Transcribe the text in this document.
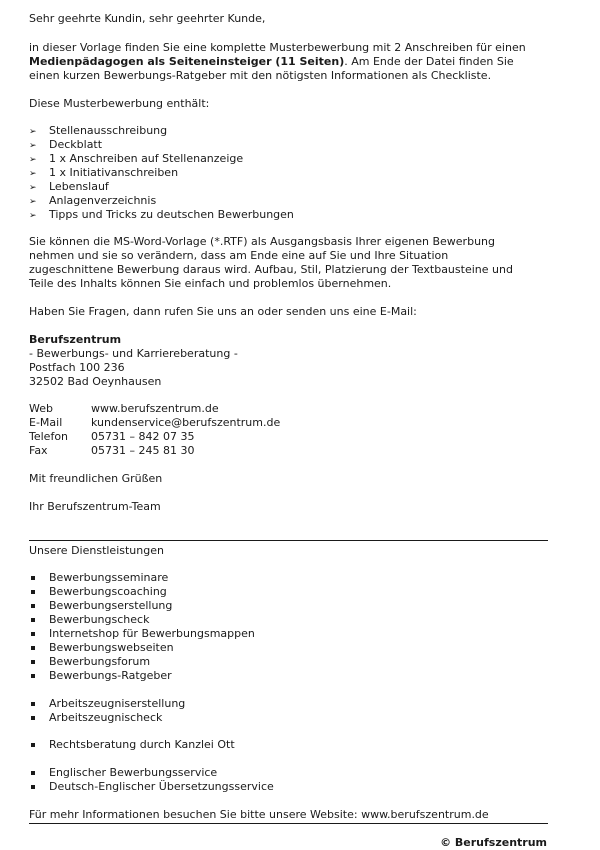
Sehr geehrte Kundin, sehr geehrter Kunde,
in dieser Vorlage finden Sie eine komplette Musterbewerbung mit 2 Anschreiben für einen
Medienpädagogen als Seiteneinsteiger (11 Seiten). Am Ende der Datei finden Sie
einen kurzen Bewerbungs-Ratgeber mit den nötigsten Informationen als Checkliste.
Diese Musterbewerbung enthält:
➢ Stellenausschreibung
➢ Deckblatt
➢ 1 x Anschreiben auf Stellenanzeige
➢ 1 x Initiativanschreiben
➢ Lebenslauf
➢ Anlagenverzeichnis
➢ Tipps und Tricks zu deutschen Bewerbungen
Sie können die MS-Word-Vorlage (*.RTF) als Ausgangsbasis Ihrer eigenen Bewerbung
nehmen und sie so verändern, dass am Ende eine auf Sie und Ihre Situation
zugeschnittene Bewerbung daraus wird. Aufbau, Stil, Platzierung der Textbausteine und
Teile des Inhalts können Sie einfach und problemlos übernehmen.
Haben Sie Fragen, dann rufen Sie uns an oder senden uns eine E-Mail:
Berufszentrum
- Bewerbungs- und Karriereberatung -
Postfach 100 236
32502 Bad Oeynhausen
Web	www.berufszentrum.de
E-Mail	kundenservice@berufszentrum.de
Telefon 05731 – 842 07 35
Fax	05731 – 245 81 30
Mit freundlichen Grüßen
Ihr Berufszentrum-Team
Unsere Dienstleistungen
Bewerbungsseminare
Bewerbungscoaching
Bewerbungserstellung
Bewerbungscheck
Internetshop für Bewerbungsmappen
Bewerbungswebseiten
Bewerbungsforum
Bewerbungs-Ratgeber
Arbeitszeugniserstellung
Arbeitszeugnischeck
Rechtsberatung durch Kanzlei Ott
Englischer Bewerbungsservice
Deutsch-Englischer Übersetzungsservice
Für mehr Informationen besuchen Sie bitte unsere Website: www.berufszentrum.de
© Berufszentrum
